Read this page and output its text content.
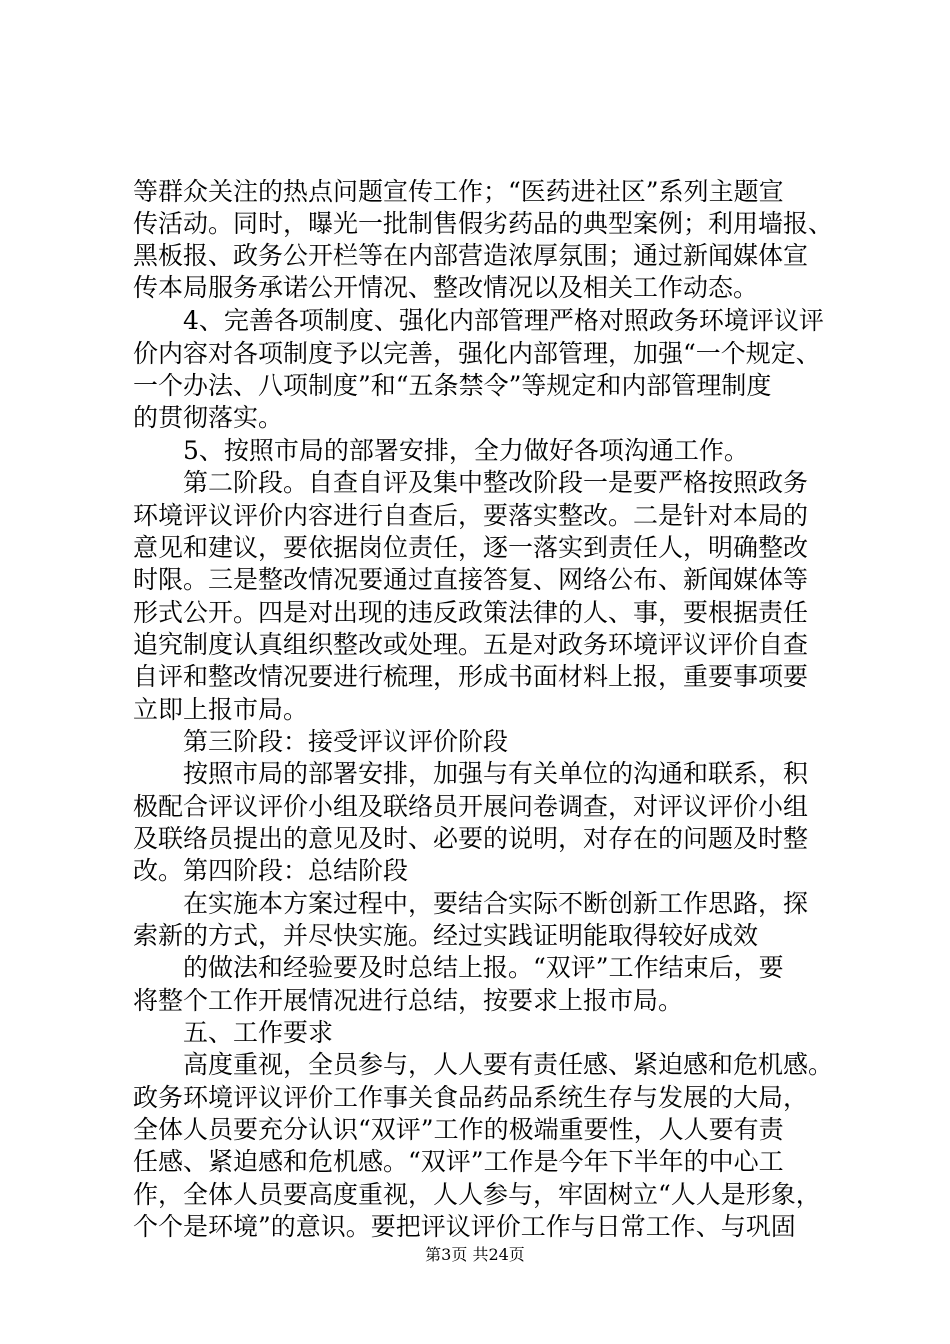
等群众关注的热点问题宣传工作；“医药进社区”系列主题宣

传活动。同时，曝光一批制售假劣药品的典型案例；利用墙报、

黑板报、政务公开栏等在内部营造浓厚氛围；通过新闻媒体宣

传本局服务承诺公开情况、整改情况以及相关工作动态。

4、完善各项制度、强化内部管理严格对照政务环境评议评

价内容对各项制度予以完善，强化内部管理，加强“一个规定、

一个办法、八项制度”和“五条禁令”等规定和内部管理制度

的贯彻落实。

5、按照市局的部署安排，全力做好各项沟通工作。

第二阶段。自查自评及集中整改阶段一是要严格按照政务

环境评议评价内容进行自查后，要落实整改。二是针对本局的

意见和建议，要依据岗位责任，逐一落实到责任人，明确整改

时限。三是整改情况要通过直接答复、网络公布、新闻媒体等

形式公开。四是对出现的违反政策法律的人、事，要根据责任

追究制度认真组织整改或处理。五是对政务环境评议评价自查

自评和整改情况要进行梳理，形成书面材料上报，重要事项要

立即上报市局。

第三阶段：接受评议评价阶段

按照市局的部署安排，加强与有关单位的沟通和联系，积

极配合评议评价小组及联络员开展问卷调查，对评议评价小组

及联络员提出的意见及时、必要的说明，对存在的问题及时整

改。第四阶段：总结阶段

在实施本方案过程中，要结合实际不断创新工作思路，探

索新的方式，并尽快实施。经过实践证明能取得较好成效

的做法和经验要及时总结上报。“双评”工作结束后，要

将整个工作开展情况进行总结，按要求上报市局。

五、工作要求

高度重视，全员参与，人人要有责任感、紧迫感和危机感。

政务环境评议评价工作事关食品药品系统生存与发展的大局，

全体人员要充分认识“双评”工作的极端重要性，人人要有责

任感、紧迫感和危机感。“双评”工作是今年下半年的中心工

作，全体人员要高度重视，人人参与，牢固树立“人人是形象，

个个是环境”的意识。要把评议评价工作与日常工作、与巩固

第3页 共24页
